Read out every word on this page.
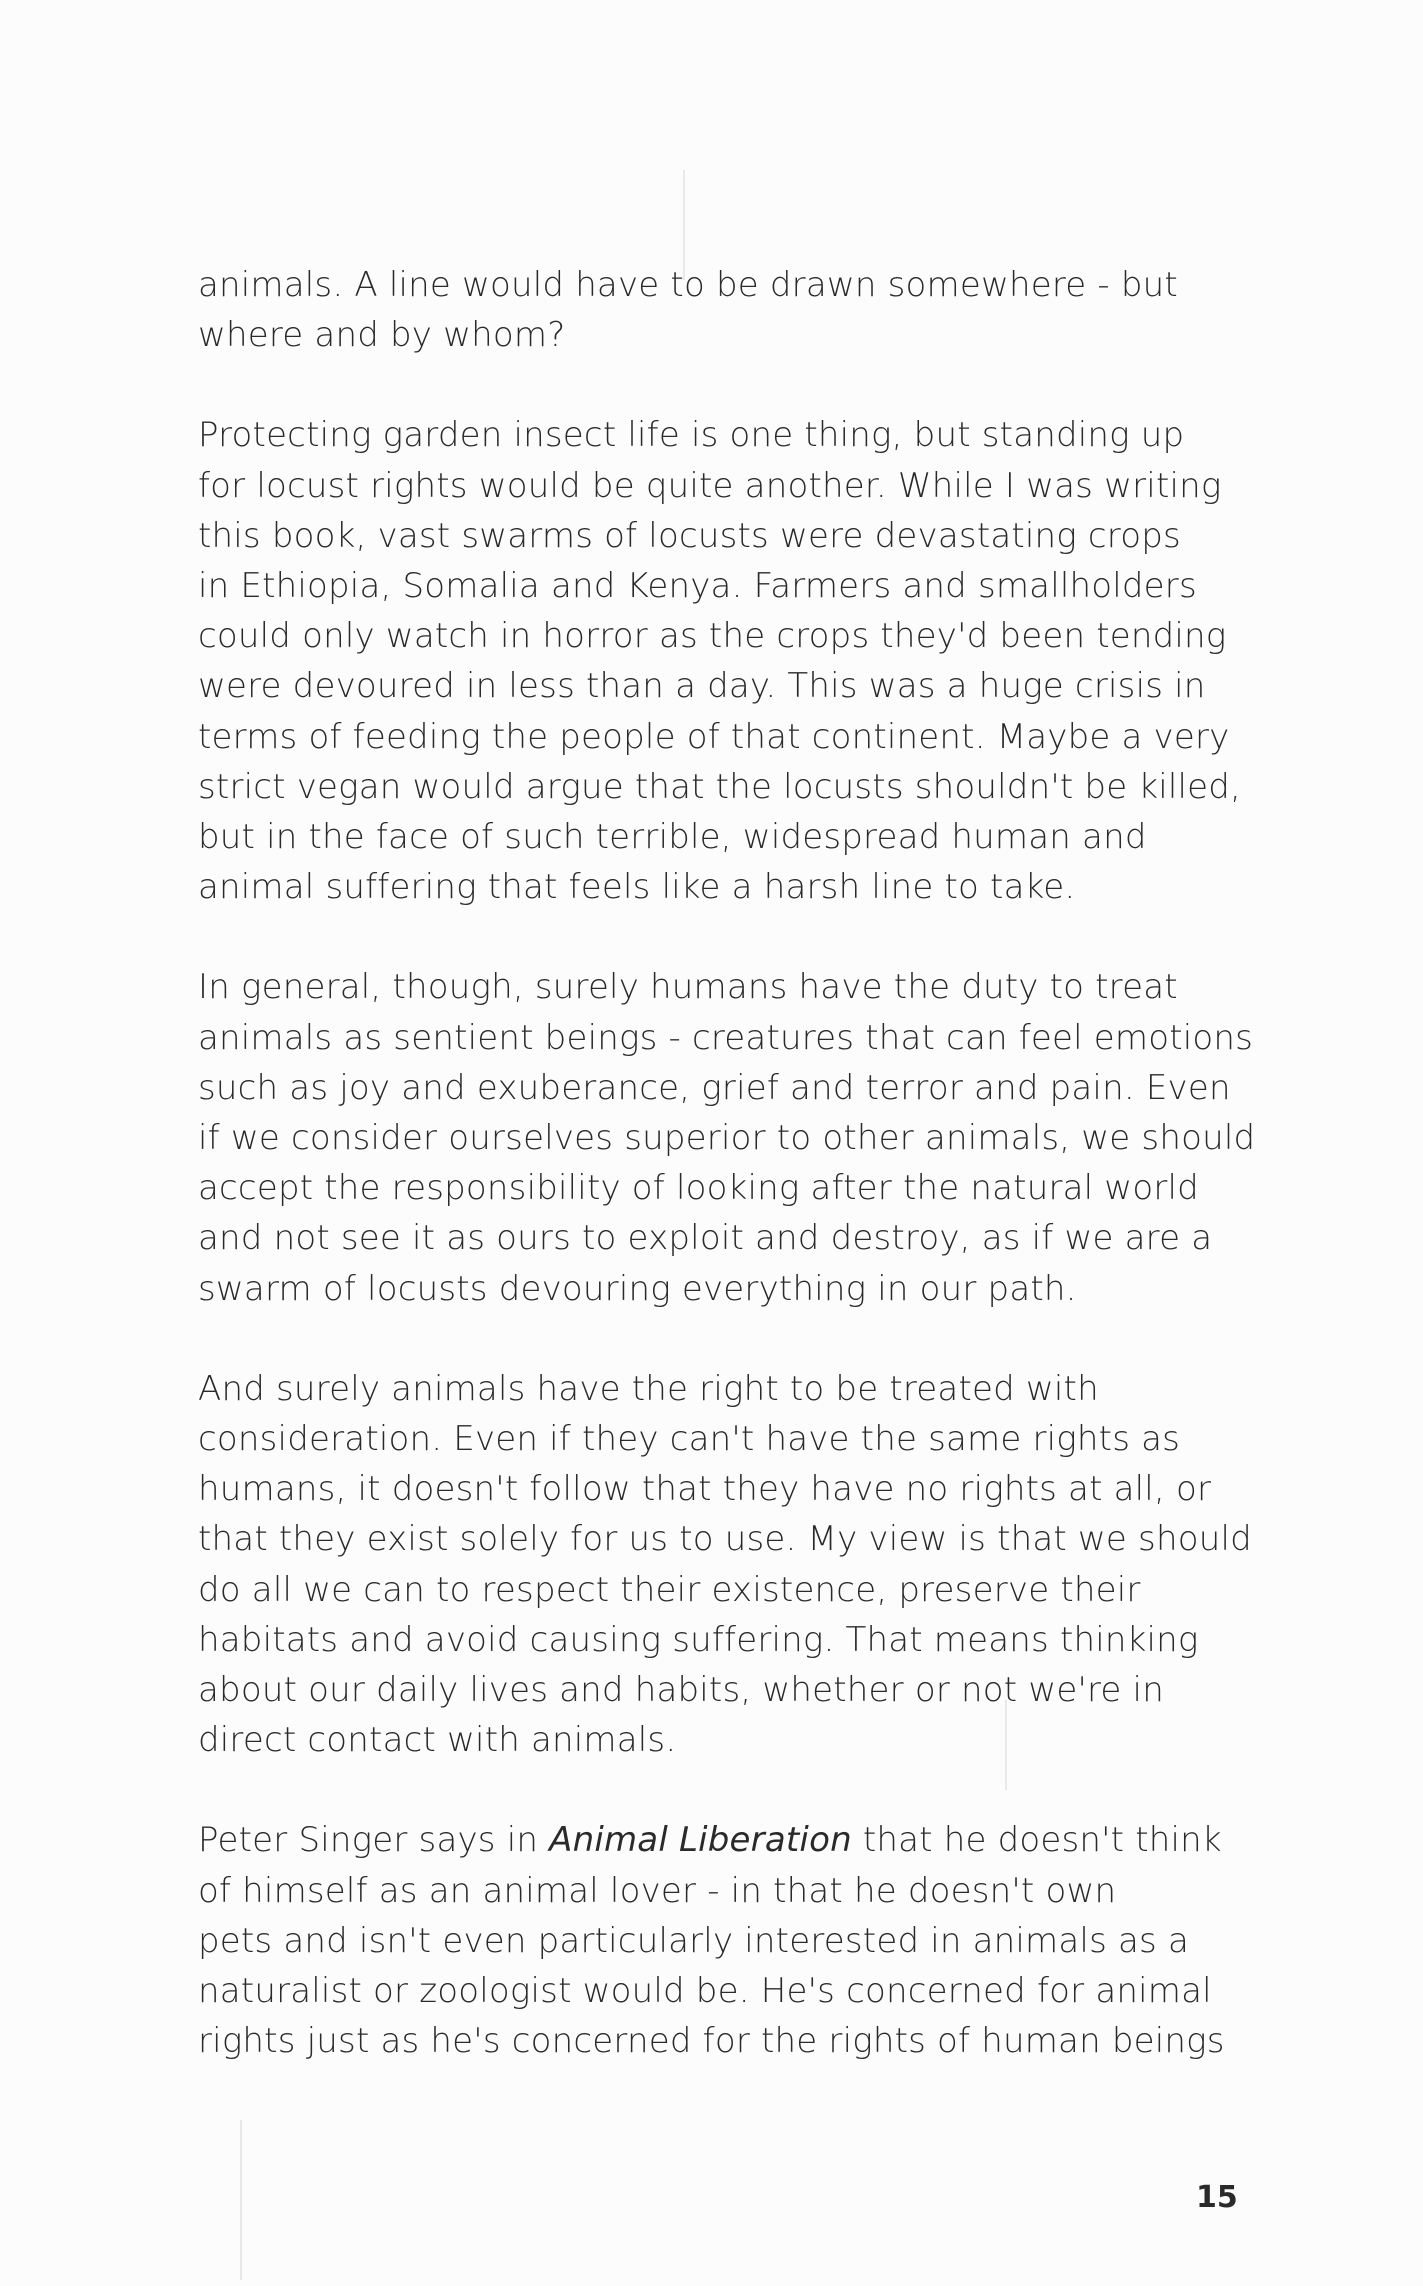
animals. A line would have to be drawn somewhere - but
where and by whom?

Protecting garden insect life is one thing, but standing up
for locust rights would be quite another. While I was writing
this book, vast swarms of locusts were devastating crops
in Ethiopia, Somalia and Kenya. Farmers and smallholders
could only watch in horror as the crops they'd been tending
were devoured in less than a day. This was a huge crisis in
terms of feeding the people of that continent. Maybe a very
strict vegan would argue that the locusts shouldn't be killed,
but in the face of such terrible, widespread human and
animal suffering that feels like a harsh line to take.

In general, though, surely humans have the duty to treat
animals as sentient beings - creatures that can feel emotions
such as joy and exuberance, grief and terror and pain. Even
if we consider ourselves superior to other animals, we should
accept the responsibility of looking after the natural world
and not see it as ours to exploit and destroy, as if we are a
swarm of locusts devouring everything in our path.

And surely animals have the right to be treated with
consideration. Even if they can't have the same rights as
humans, it doesn't follow that they have no rights at all, or
that they exist solely for us to use. My view is that we should
do all we can to respect their existence, preserve their
habitats and avoid causing suffering. That means thinking
about our daily lives and habits, whether or not we're in
direct contact with animals.

Peter Singer says in Animal Liberation that he doesn't think
of himself as an animal lover - in that he doesn't own
pets and isn't even particularly interested in animals as a
naturalist or zoologist would be. He's concerned for animal
rights just as he's concerned for the rights of human beings

15
